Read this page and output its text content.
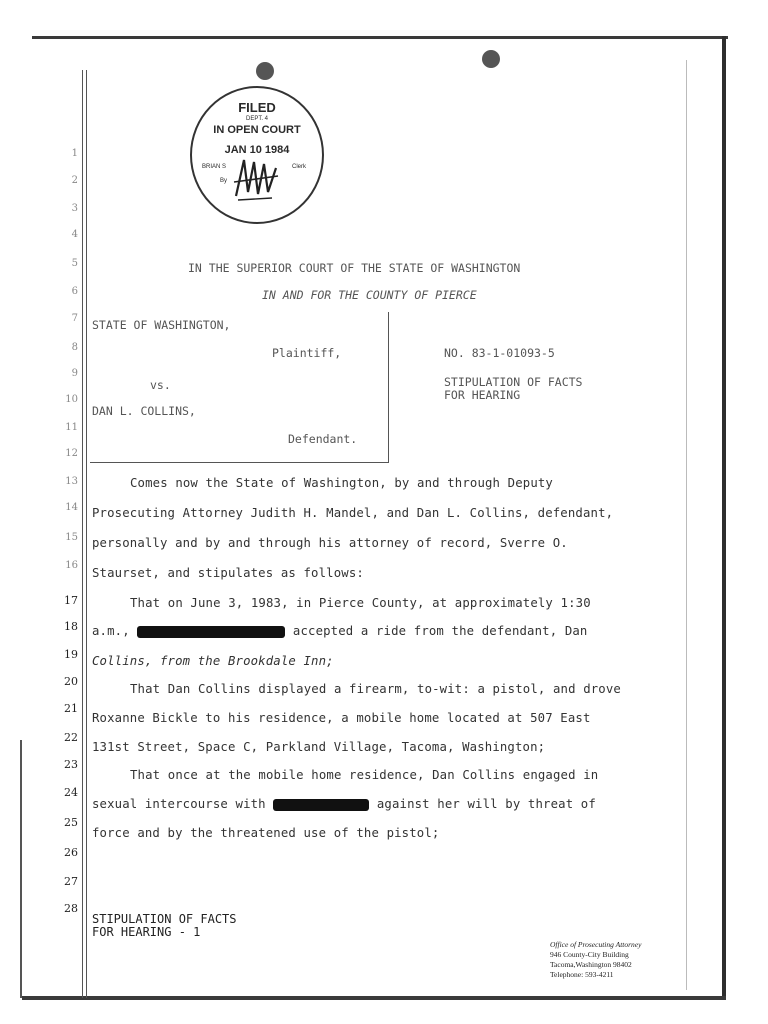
FILED
DEPT. 4
IN OPEN COURT
JAN 10 1984
BRIAN S	Clerk
By
1
2
3
4
5
6
7
8
9
10
11
12
13
14
15
16
17
18
19
20
21
22
23
24
25
26
27
28
IN THE SUPERIOR COURT OF THE STATE OF WASHINGTON
IN AND FOR THE COUNTY OF PIERCE
STATE OF WASHINGTON,
Plaintiff,
vs.
DAN L. COLLINS,
Defendant.
NO. 83-1-01093-5
STIPULATION OF FACTS
FOR HEARING
Comes now the State of Washington, by and through Deputy
Prosecuting Attorney Judith H. Mandel, and Dan L. Collins, defendant,
personally and by and through his attorney of record, Sverre O.
Staurset, and stipulates as follows:
That on June 3, 1983, in Pierce County, at approximately 1:30
a.m.,	accepted a ride from the defendant, Dan
Collins, from the Brookdale Inn;
That Dan Collins displayed a firearm, to-wit: a pistol, and drove
Roxanne Bickle to his residence, a mobile home located at 507 East
131st Street, Space C, Parkland Village, Tacoma, Washington;
That once at the mobile home residence, Dan Collins engaged in
sexual intercourse with	against her will by threat of
force and by the threatened use of the pistol;
STIPULATION OF FACTS
FOR HEARING - 1
Office of Prosecuting Attorney
946 County-City Building
Tacoma,Washington 98402
Telephone: 593-4211
